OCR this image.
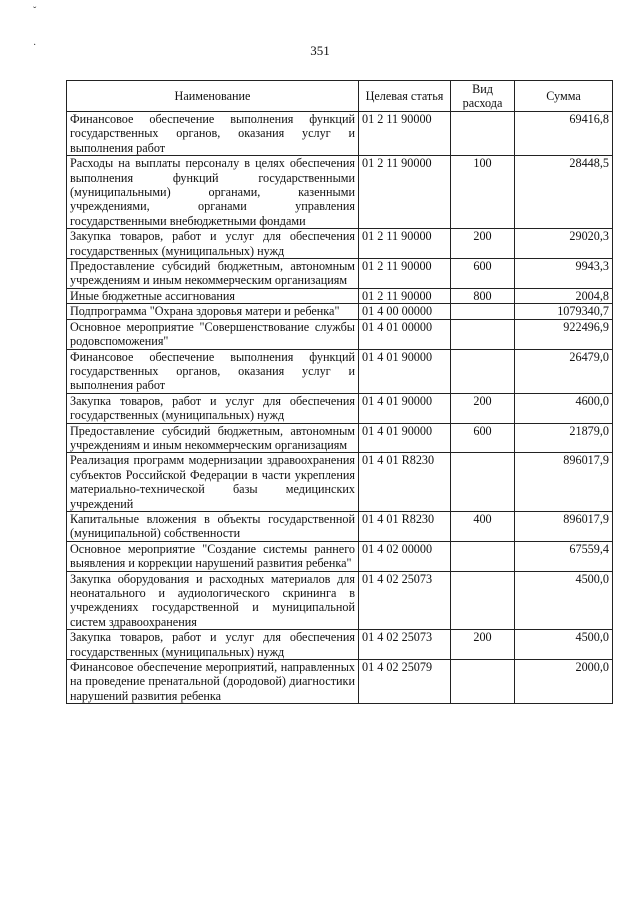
ˇ
·	351
Наименование	Целевая статья	Вид расхода	Сумма
Финансовое обеспечение выполнения функций государственных органов, оказания услуг и выполнения работ	01 2 11 90000		69416,8
Расходы на выплаты персоналу в целях обеспечения выполнения функций государственными (муниципальными) органами, казенными учреждениями, органами управления государственными внебюджетными фондами	01 2 11 90000	100	28448,5
Закупка товаров, работ и услуг для обеспечения государственных (муниципальных) нужд	01 2 11 90000	200	29020,3
Предоставление субсидий бюджетным, автономным учреждениям и иным некоммерческим организациям	01 2 11 90000	600	9943,3
Иные бюджетные ассигнования	01 2 11 90000	800	2004,8
Подпрограмма "Охрана здоровья матери и ребенка"	01 4 00 00000		1079340,7
Основное мероприятие "Совершенствование службы родовспоможения"	01 4 01 00000		922496,9
Финансовое обеспечение выполнения функций государственных органов, оказания услуг и выполнения работ	01 4 01 90000		26479,0
Закупка товаров, работ и услуг для обеспечения государственных (муниципальных) нужд	01 4 01 90000	200	4600,0
Предоставление субсидий бюджетным, автономным учреждениям и иным некоммерческим организациям	01 4 01 90000	600	21879,0
Реализация программ модернизации здравоохранения субъектов Российской Федерации в части укрепления материально-технической базы медицинских учреждений	01 4 01 R8230		896017,9
Капитальные вложения в объекты государственной (муниципальной) собственности	01 4 01 R8230	400	896017,9
Основное мероприятие "Создание системы раннего выявления и коррекции нарушений развития ребенка"	01 4 02 00000		67559,4
Закупка оборудования и расходных материалов для неонатального и аудиологического скрининга в учреждениях государственной и муниципальной систем здравоохранения	01 4 02 25073		4500,0
Закупка товаров, работ и услуг для обеспечения государственных (муниципальных) нужд	01 4 02 25073	200	4500,0
Финансовое обеспечение мероприятий, направленных на проведение пренатальной (дородовой) диагностики нарушений развития ребенка	01 4 02 25079		2000,0
